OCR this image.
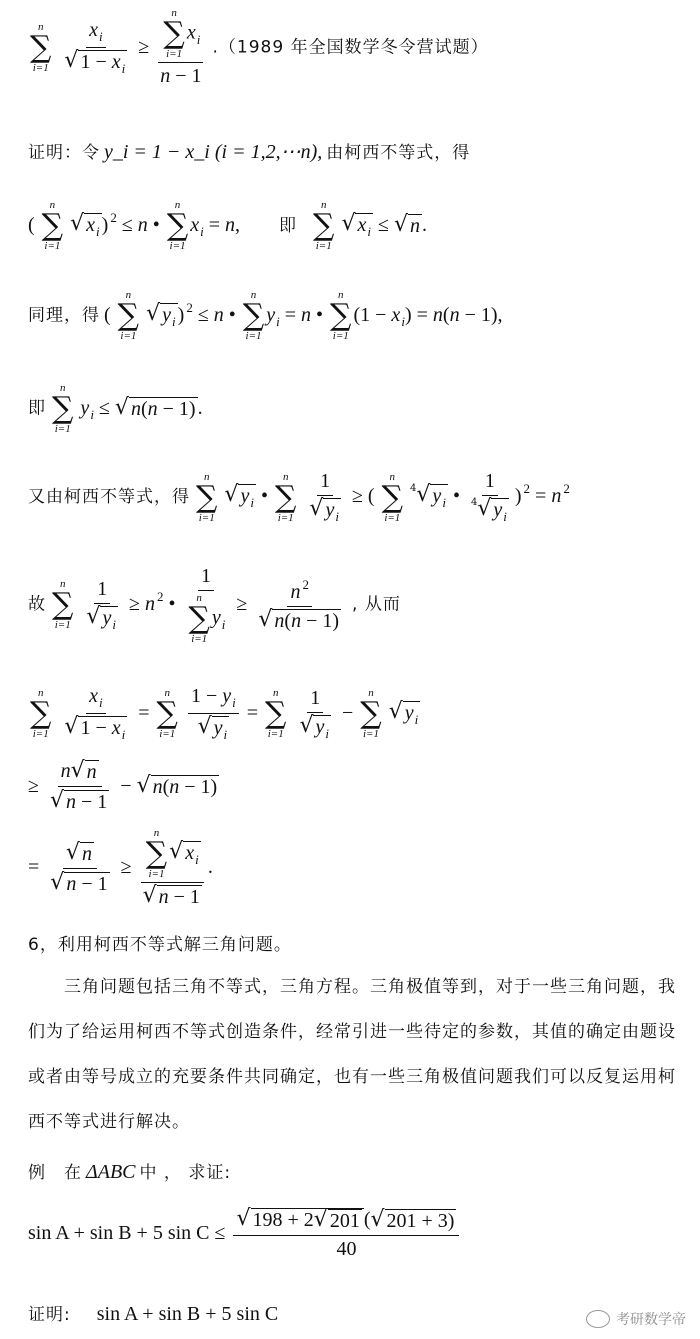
n
∑
i=1
$\frac{x_i}{√ 1 - x_i} \ge n$
∑
i=1
$x_i$
n − 1 .（1989 年全国数学冬令营试题）
证明：令 y_i = 1 − x_i (i = 1,2,⋯n), 由柯西不等式，得
(
n
∑
i=1

√ $x_i$ ) $^2$ ≤ n •
n
∑
i=1
$x_i = n$, 即
n
∑
i=1

√ $x_i$ ≤ √ n .
同理，得 (
n
∑
i=1

√ $y_i$ ) $^2$ ≤ n •
n
∑
i=1
$y_i = n$ •
n
∑
i=1
$(1 - x_i) = n(n - 1)$,
即
n
∑
i=1
$y_i$ ≤ √ n(n − 1) .
又由柯西不等式，得
n
∑
i=1

√ $y_i$ •
n
∑
i=1
$\frac{1}{√ y_i}$ ≥ (
n
∑
i=1

$^4$√ $y_i$ • $\frac{1}{^4√ y_i}$ ) $^2$ = n $^2$
故
n
∑
i=1
$\frac{1}{√ y_i} \ge n$ $^2$ • 1
n
∑
i=1
$y_i \ge \frac{n ^2}{√ n(n - 1)}$ , 从而
n
∑
i=1
$\frac{x_i}{√ 1 - x_i}$ =
n
∑
i=1
$\frac{1 - y_i}{√ y_i}$ =
n
∑
i=1
$\frac{1}{√ y_i}$ −
n
∑
i=1

√ $y_i$
≥ $\frac{n √ n}{√ n - 1}$ − √ n(n − 1)
= $\frac{√ n}{√ n - 1} \ge n$
∑
i=1
√ $x_i$
√ n − 1 .
6，利用柯西不等式解三角问题。
三角问题包括三角不等式，三角方程。三角极值等到，对于一些三角问题，我们为了给运用柯西不等式创造条件，经常引进一些待定的参数，其值的确定由题设或者由等号成立的充要条件共同确定，也有一些三角极值问题我们可以反复运用柯西不等式进行解决。
例　在 ΔABC 中 ， 求证:
sin A + sin B + 5 $\sin C \le \frac{√ 198 + 2 √ 201 ( √ 201 + 3)}{40}$
证明: sin A + sin B + 5 sin C	考研数学帝
